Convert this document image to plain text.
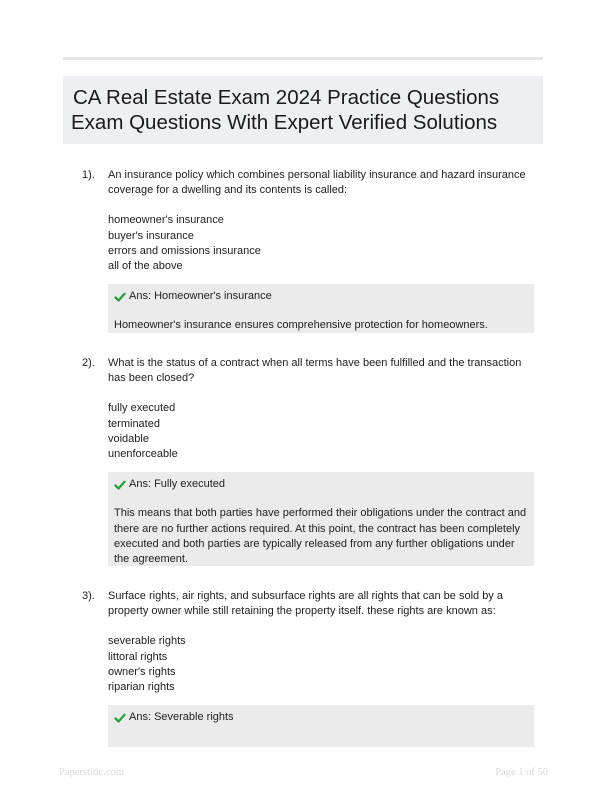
CA Real Estate Exam 2024 Practice Questions
Exam Questions With Expert Verified Solutions
1). An insurance policy which combines personal liability insurance and hazard insurance coverage for a dwelling and its contents is called:

homeowner's insurance
buyer's insurance
errors and omissions insurance
all of the above
Ans: Homeowner's insurance
Homeowner's insurance ensures comprehensive protection for homeowners.
2). What is the status of a contract when all terms have been fulfilled and the transaction has been closed?

fully executed
terminated
voidable
unenforceable
Ans: Fully executed
This means that both parties have performed their obligations under the contract and there are no further actions required. At this point, the contract has been completely executed and both parties are typically released from any further obligations under the agreement.
3). Surface rights, air rights, and subsurface rights are all rights that can be sold by a property owner while still retaining the property itself. these rights are known as:

severable rights
littoral rights
owner's rights
riparian rights
Ans: Severable rights
Paperstitic.com	Page 1 of 50
